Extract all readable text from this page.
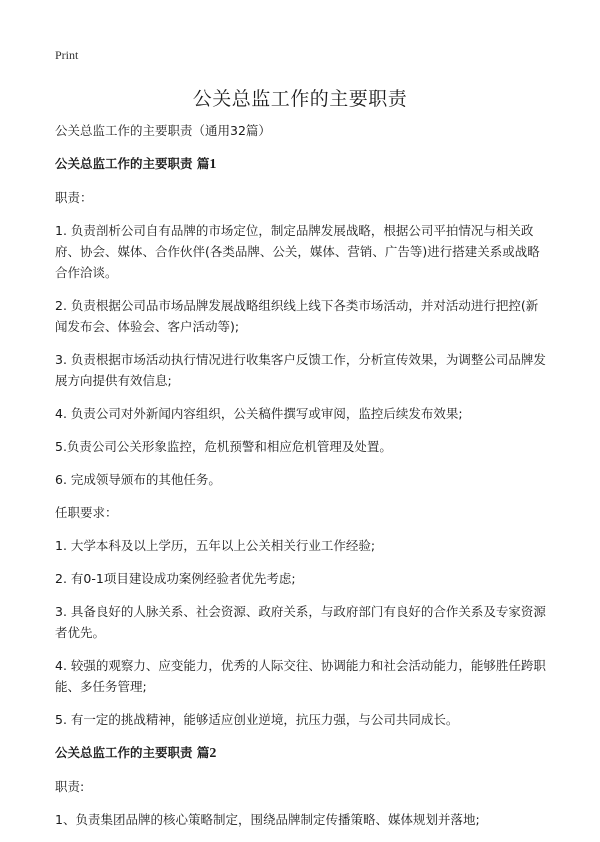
Print
公关总监工作的主要职责

公关总监工作的主要职责（通用32篇）

公关总监工作的主要职责 篇1

职责：

1. 负责剖析公司自有品牌的市场定位，制定品牌发展战略，根据公司平拍情况与相关政府、协会、媒体、合作伙伴(各类品牌、公关，媒体、营销、广告等)进行搭建关系或战略合作洽谈。

2. 负责根据公司品市场品牌发展战略组织线上线下各类市场活动，并对活动进行把控(新闻发布会、体验会、客户活动等);

3. 负责根据市场活动执行情况进行收集客户反馈工作，分析宣传效果，为调整公司品牌发展方向提供有效信息;

4. 负责公司对外新闻内容组织，公关稿件撰写或审阅，监控后续发布效果;

5.负责公司公关形象监控，危机预警和相应危机管理及处置。

6. 完成领导颁布的其他任务。

任职要求：

1. 大学本科及以上学历，五年以上公关相关行业工作经验;

2. 有0-1项目建设成功案例经验者优先考虑;

3. 具备良好的人脉关系、社会资源、政府关系，与政府部门有良好的合作关系及专家资源者优先。

4. 较强的观察力、应变能力，优秀的人际交往、协调能力和社会活动能力，能够胜任跨职能、多任务管理;

5. 有一定的挑战精神，能够适应创业逆境，抗压力强，与公司共同成长。

公关总监工作的主要职责 篇2

职责:

1、负责集团品牌的核心策略制定，围绕品牌制定传播策略、媒体规划并落地;
